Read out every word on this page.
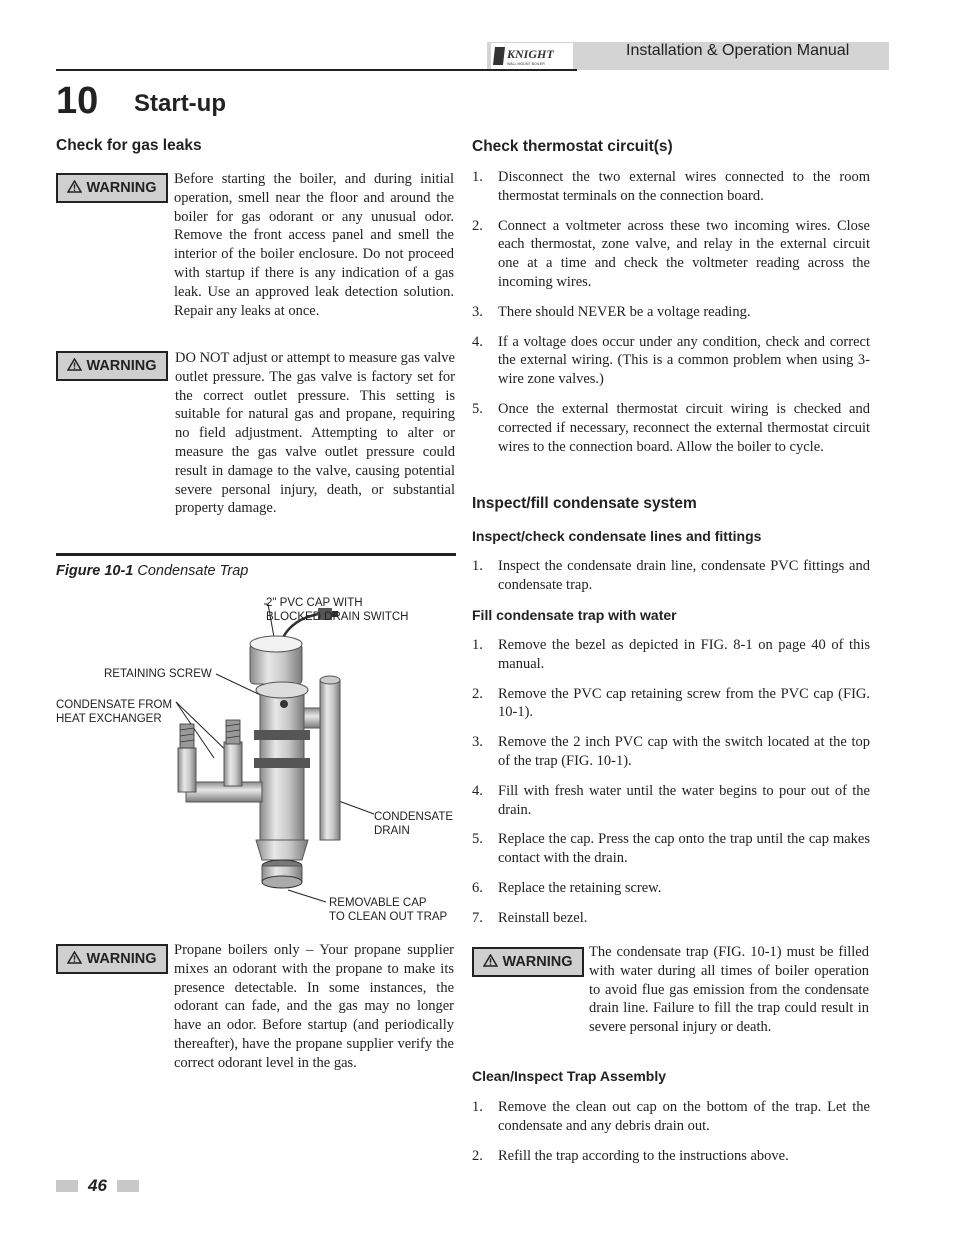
KNIGHT
WALL MOUNT BOILER
Installation & Operation Manual
10 Start-up
Check for gas leaks
WARNING
Before starting the boiler, and during initial operation, smell near the floor and around the boiler for gas odorant or any unusual odor. Remove the front access panel and smell the interior of the boiler enclosure. Do not proceed with startup if there is any indication of a gas leak. Use an approved leak detection solution. Repair any leaks at once.
WARNING DO NOT adjust or attempt to measure gas valve outlet pressure. The gas valve is factory set for the correct outlet pressure. This setting is suitable for natural gas and propane, requiring no field adjustment. Attempting to alter or measure the gas valve outlet pressure could result in damage to the valve, causing potential severe personal injury, death, or substantial property damage.
Figure 10-1 Condensate Trap
2" PVC CAP WITH
BLOCKED DRAIN SWITCH
RETAINING SCREW
CONDENSATE FROM
HEAT EXCHANGER
CONDENSATE
DRAIN
REMOVABLE CAP
TO CLEAN OUT TRAP
WARNING
Propane boilers only – Your propane supplier mixes an odorant with the propane to make its presence detectable. In some instances, the odorant can fade, and the gas may no longer have an odor. Before startup (and periodically thereafter), have the propane supplier verify the correct odorant level in the gas.
Check thermostat circuit(s)
1. Disconnect the two external wires connected to the room thermostat terminals on the connection board.
2. Connect a voltmeter across these two incoming wires. Close each thermostat, zone valve, and relay in the external circuit one at a time and check the voltmeter reading across the incoming wires.
3. There should NEVER be a voltage reading.
4. If a voltage does occur under any condition, check and correct the external wiring. (This is a common problem when using 3-wire zone valves.)
5. Once the external thermostat circuit wiring is checked and corrected if necessary, reconnect the external thermostat circuit wires to the connection board. Allow the boiler to cycle.
Inspect/fill condensate system
Inspect/check condensate lines and fittings
1. Inspect the condensate drain line, condensate PVC fittings and condensate trap.
Fill condensate trap with water
1. Remove the bezel as depicted in FIG. 8-1 on page 40 of this manual.
2. Remove the PVC cap retaining screw from the PVC cap (FIG. 10-1).
3. Remove the 2 inch PVC cap with the switch located at the top of the trap (FIG. 10-1).
4. Fill with fresh water until the water begins to pour out of the drain.
5. Replace the cap. Press the cap onto the trap until the cap makes contact with the drain.
6. Replace the retaining screw.
7. Reinstall bezel.
WARNING
The condensate trap (FIG. 10-1) must be filled with water during all times of boiler operation to avoid flue gas emission from the condensate drain line. Failure to fill the trap could result in severe personal injury or death.
Clean/Inspect Trap Assembly
1. Remove the clean out cap on the bottom of the trap. Let the condensate and any debris drain out.
2. Refill the trap according to the instructions above.
46
